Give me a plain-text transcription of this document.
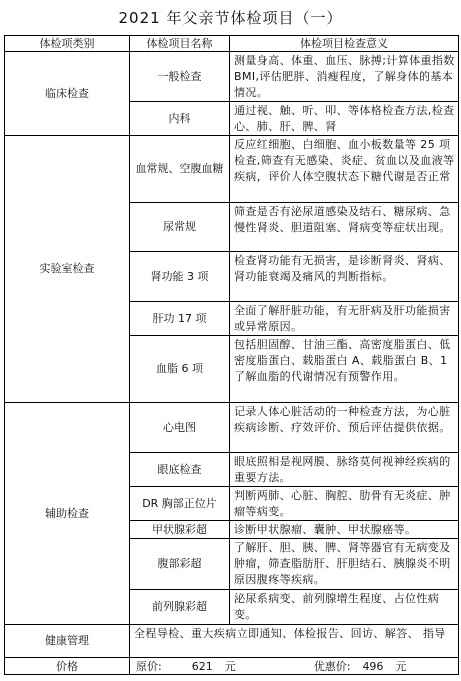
2021 年父亲节体检项目（一）
体检项类别	体检项目名称	体检项目检查意义
临床检查	一般检查	测量身高、体重、血压、脉搏;计算体重指数 BMI,评估肥胖、消瘦程度，了解身体的基本情况。
	内科	通过视、触、听、叩、等体格检查方法,检查心、肺、肝、脾、肾
实验室检查	血常规、空腹血糖	反应红细胞、白细胞、血小板数量等 25 项检查,筛查有无感染、炎症、贫血以及血液等疾病，评价人体空腹状态下糖代谢是否正常
	尿常规	筛查是否有泌尿道感染及结石、糖尿病、急慢性肾炎、胆道阻塞、肾病变等症状出现。
	肾功能 3 项	检查肾功能有无损害，是诊断肾炎、肾病、肾功能衰竭及痛风的判断指标。
	肝功 17 项	全面了解肝脏功能，有无肝病及肝功能损害或异常原因。
	血脂 6 项	包括胆固醇、甘油三酯、高密度脂蛋白、低密度脂蛋白、载脂蛋白 A、载脂蛋白 B、1 了解血脂的代谢情况有预警作用。
辅助检查	心电图	记录人体心脏活动的一种检查方法，为心脏疾病诊断、疗效评价、预后评估提供依据。
	眼底检查	眼底照相是视网膜、脉络莫何视神经疾病的重要方法。
	DR 胸部正位片	判断两肺、心脏、胸腔、肋骨有无炎症、肿瘤等病变。
	甲状腺彩超	诊断甲状腺瘤、囊肿、甲状腺癌等。
	腹部彩超	了解肝、胆、胰、脾、肾等器官有无病变及肿瘤，筛查脂肪肝、肝胆结石、胰腺炎不明原因腹疼等疾病。
	前列腺彩超	泌尿系病变、前列腺增生程度、占位性病变。
健康管理	全程导检、重大疾病立即通知、体检报告、回访、解答、 指导	
价格	原价: 621 元 优惠价: 496 元	
